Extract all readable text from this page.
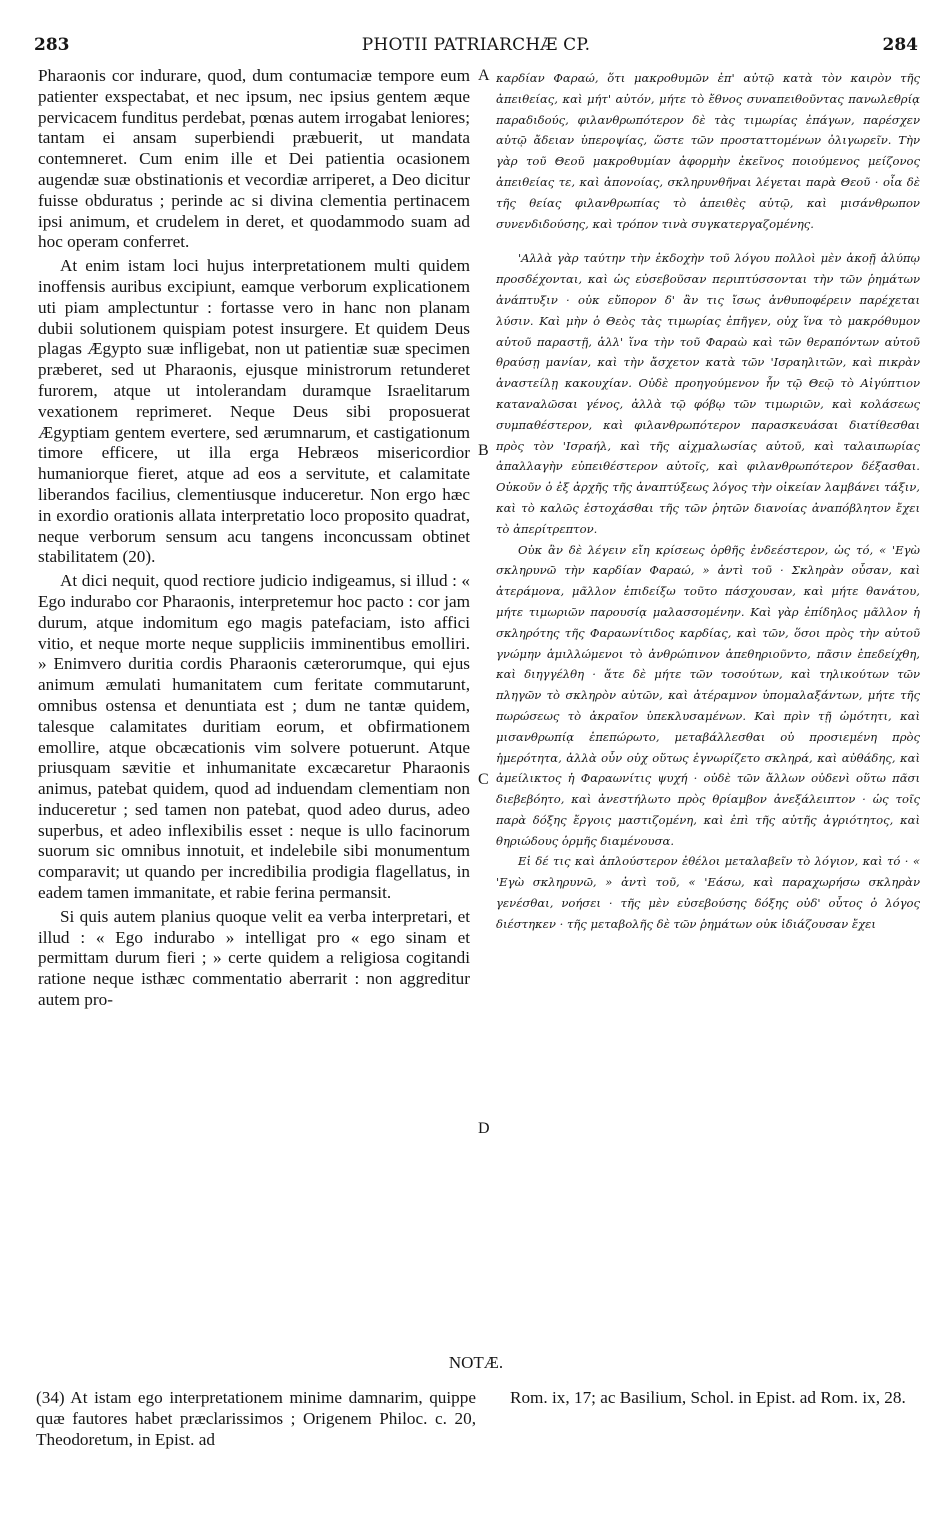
283	PHOTII PATRIARCHÆ CP.	284

Pharaonis cor indurare, quod, dum contumaciæ tempore eum patienter exspectabat, et nec ipsum, nec ipsius gentem æque pervicacem funditus perdebat, pœnas autem irrogabat leniores; tantam ei ansam superbiendi præbuerit, ut mandata contemneret. Cum enim ille et Dei patientia ocasionem augendæ suæ obstinationis et vecordiæ arriperet, a Deo dicitur fuisse obduratus ; perinde ac si divina clementia pertinacem ipsi animum, et crudelem in deret, et quodammodo suam ad hoc operam conferret.

At enim istam loci hujus interpretationem multi quidem inoffensis auribus excipiunt, eamque verborum explicationem uti piam amplectuntur : fortasse vero in hanc non planam dubii solutionem quispiam potest insurgere. Et quidem Deus plagas Ægypto suæ infligebat, non ut patientiæ suæ specimen præberet, sed ut Pharaonis, ejusque ministrorum retunderet furorem, atque ut intolerandam duramque Israelitarum vexationem reprimeret. Neque Deus sibi proposuerat Ægyptiam gentem evertere, sed ærumnarum, et castigationum timore efficere, ut illa erga Hebræos misericordior humaniorque fieret, atque ad eos a servitute, et calamitate liberandos facilius, clementiusque induceretur. Non ergo hæc in exordio orationis allata interpretatio loco proposito quadrat, neque verborum sensum acu tangens inconcussam obtinet stabilitatem (20).

At dici nequit, quod rectiore judicio indigeamus, si illud : « Ego indurabo cor Pharaonis, interpretemur hoc pacto : cor jam durum, atque indomitum ego magis patefaciam, isto affici vitio, et neque morte neque suppliciis imminentibus emolliri. » Enimvero duritia cordis Pharaonis cæterorumque, qui ejus animum æmulati humanitatem cum feritate commutarunt, omnibus ostensa et denuntiata est ; dum ne tantæ quidem, talesque calamitates duritiam eorum, et obfirmationem emollire, atque obcæcationis vim solvere potuerunt. Atque priusquam sævitie et inhumanitate excæcaretur Pharaonis animus, patebat quidem, quod ad induendam clementiam non induceretur ; sed tamen non patebat, quod adeo durus, adeo superbus, et adeo inflexibilis esset : neque is ullo facinorum suorum sic omnibus innotuit, et indelebile sibi monumentum comparavit; ut quando per incredibilia prodigia flagellatus, in eadem tamen immanitate, et rabie ferina permansit.

Si quis autem planius quoque velit ea verba interpretari, et illud : « Ego indurabo » intelligat pro « ego sinam et permittam durum fieri ; » certe quidem a religiosa cogitandi ratione neque isthæc commentatio aberrarit : non aggreditur autem pro-

A
B
C
D

καρδίαν Φαραώ, ὅτι μακροθυμῶν ἐπ' αὐτῷ κατὰ τὸν καιρὸν τῆς ἀπειθείας, καὶ μήτ' αὐτόν, μήτε τὸ ἔθνος συναπειθοῦντας πανωλεθρίᾳ παραδιδούς, φιλανθρωπότερον δὲ τὰς τιμωρίας ἐπάγων, παρέσχεν αὐτῷ ἄδειαν ὑπεροψίας, ὥστε τῶν προσταττομένων ὀλιγωρεῖν. Τὴν γὰρ τοῦ Θεοῦ μακροθυμίαν ἀφορμὴν ἐκεῖνος ποιούμενος μείζονος ἀπειθείας τε, καὶ ἀπονοίας, σκληρυνθῆναι λέγεται παρὰ Θεοῦ · οἷα δὲ τῆς θείας φιλανθρωπίας τὸ ἀπειθὲς αὐτῷ, καὶ μισάνθρωπον συνενδιδούσης, καὶ τρόπον τινὰ συγκατεργαζομένης.

'Αλλὰ γὰρ ταύτην τὴν ἐκδοχὴν τοῦ λόγου πολλοὶ μὲν ἀκοῇ ἀλύπῳ προσδέχονται, καὶ ὡς εὐσεβοῦσαν περιπτύσσονται τὴν τῶν ῥημάτων ἀνάπτυξιν · οὐκ εὔπορον δ' ἂν τις ἴσως ἀνθυποφέρειν παρέχεται λύσιν. Καὶ μὴν ὁ Θεὸς τὰς τιμωρίας ἐπῆγεν, οὐχ ἵνα τὸ μακρόθυμον αὐτοῦ παραστῇ, ἀλλ' ἵνα τὴν τοῦ Φαραὼ καὶ τῶν θεραπόντων αὐτοῦ θραύσῃ μανίαν, καὶ τὴν ἄσχετον κατὰ τῶν 'Ισραηλιτῶν, καὶ πικρὰν ἀναστείλῃ κακουχίαν. Οὐδὲ προηγούμενον ἦν τῷ Θεῷ τὸ Αἰγύπτιον καταναλῶσαι γένος, ἀλλὰ τῷ φόβῳ τῶν τιμωριῶν, καὶ κολάσεως συμπαθέστερον, καὶ φιλανθρωπότερον παρασκευάσαι διατίθεσθαι πρὸς τὸν 'Ισραήλ, καὶ τῆς αἰχμαλωσίας αὐτοῦ, καὶ ταλαιπωρίας ἀπαλλαγὴν εὐπειθέστερον αὐτοῖς, καὶ φιλανθρωπότερον δέξασθαι. Οὐκοῦν ὁ ἐξ ἀρχῆς τῆς ἀναπτύξεως λόγος τὴν οἰκείαν λαμβάνει τάξιν, καὶ τὸ καλῶς ἐστοχάσθαι τῆς τῶν ῥητῶν διανοίας ἀναπόβλητον ἔχει τὸ ἀπερίτρεπτον.

Οὐκ ἂν δὲ λέγειν εἴη κρίσεως ὀρθῆς ἐνδεέστερον, ὡς τό, « 'Εγὼ σκληρυνῶ τὴν καρδίαν Φαραώ, » ἀντὶ τοῦ · Σκληρὰν οὖσαν, καὶ ἀτεράμονα, μᾶλλον ἐπιδείξω τοῦτο πάσχουσαν, καὶ μήτε θανάτου, μήτε τιμωριῶν παρουσίᾳ μαλασσομένην. Καὶ γὰρ ἐπίδηλος μᾶλλον ἡ σκληρότης τῆς Φαραωνίτιδος καρδίας, καὶ τῶν, ὅσοι πρὸς τὴν αὐτοῦ γνώμην ἁμιλλώμενοι τὸ ἀνθρώπινον ἀπεθηριοῦντο, πᾶσιν ἐπεδείχθη, καὶ διηγγέλθη · ἅτε δὲ μήτε τῶν τοσούτων, καὶ τηλικούτων τῶν πληγῶν τὸ σκληρὸν αὐτῶν, καὶ ἀτέραμνον ὑπομαλαξάντων, μήτε τῆς πωρώσεως τὸ ἀκραῖον ὑπεκλυσαμένων. Καὶ πρὶν τῇ ὠμότητι, καὶ μισανθρωπίᾳ ἐπεπώρωτο, μεταβάλλεσθαι οὐ προσιεμένη πρὸς ἡμερότητα, ἀλλὰ οὖν οὐχ οὕτως ἐγνωρίζετο σκληρά, καὶ αὐθάδης, καὶ ἀμείλικτος ἡ Φαραωνίτις ψυχή · οὐδὲ τῶν ἄλλων οὐδενὶ οὕτω πᾶσι διεβεβόητο, καὶ ἀνεστήλωτο πρὸς θρίαμβον ἀνεξάλειπτον · ὡς τοῖς παρὰ δόξης ἔργοις μαστιζομένη, καὶ ἐπὶ τῆς αὐτῆς ἀγριότητος, καὶ θηριώδους ὁρμῆς διαμένουσα.

Εἰ δέ τις καὶ ἁπλούστερον ἐθέλοι μεταλαβεῖν τὸ λόγιον, καὶ τό · « 'Εγὼ σκληρυνῶ, » ἀντὶ τοῦ, « 'Εάσω, καὶ παραχωρήσω σκληρὰν γενέσθαι, νοήσει · τῆς μὲν εὐσεβούσης δόξης οὐδ' οὗτος ὁ λόγος διέστηκεν · τῆς μεταβολῆς δὲ τῶν ῥημάτων οὐκ ἰδιάζουσαν ἔχει

NOTÆ.
(34) At istam ego interpretationem minime damnarim, quippe quæ fautores habet præclarissimos ; Origenem Philoc. c. 20, Theodoretum, in Epist. ad
Rom. ix, 17; ac Basilium, Schol. in Epist. ad Rom. ix, 28.
